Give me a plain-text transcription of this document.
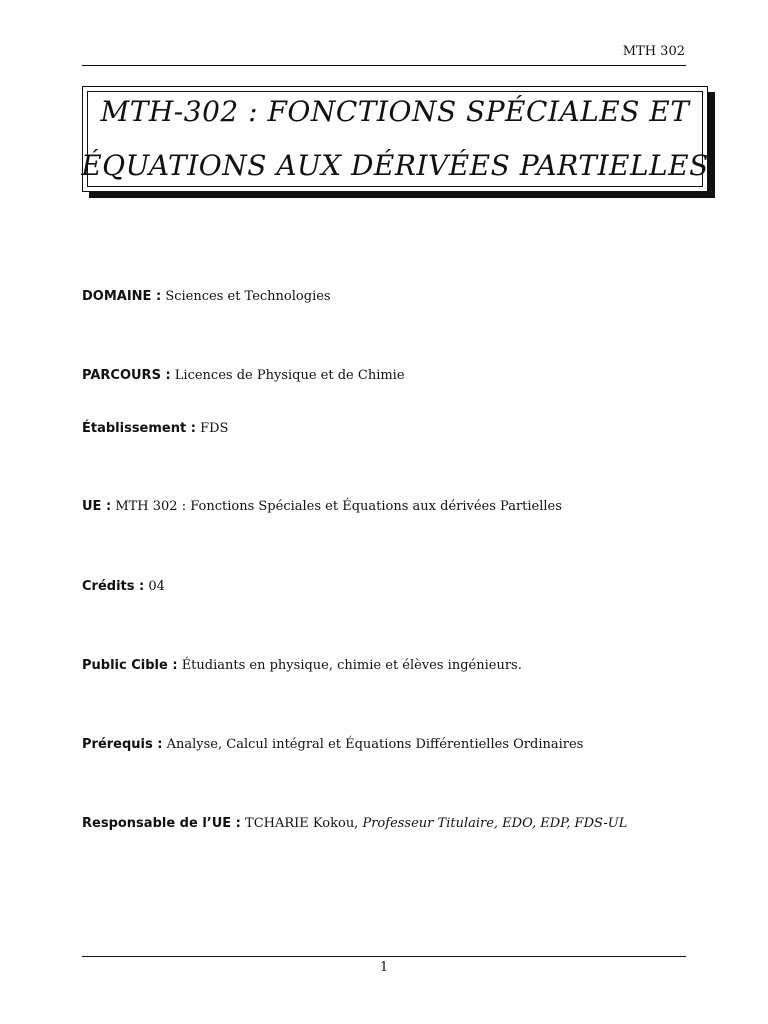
MTH 302
MTH-302 : FONCTIONS SPÉCIALES ET
ÉQUATIONS AUX DÉRIVÉES PARTIELLES
DOMAINE : Sciences et Technologies
PARCOURS : Licences de Physique et de Chimie
Établissement : FDS
UE : MTH 302 : Fonctions Spéciales et Équations aux dérivées Partielles
Crédits : 04
Public Cible : Étudiants en physique, chimie et élèves ingénieurs.
Prérequis : Analyse, Calcul intégral et Équations Différentielles Ordinaires
Responsable de l’UE : TCHARIE Kokou, Professeur Titulaire, EDO, EDP, FDS-UL
1
